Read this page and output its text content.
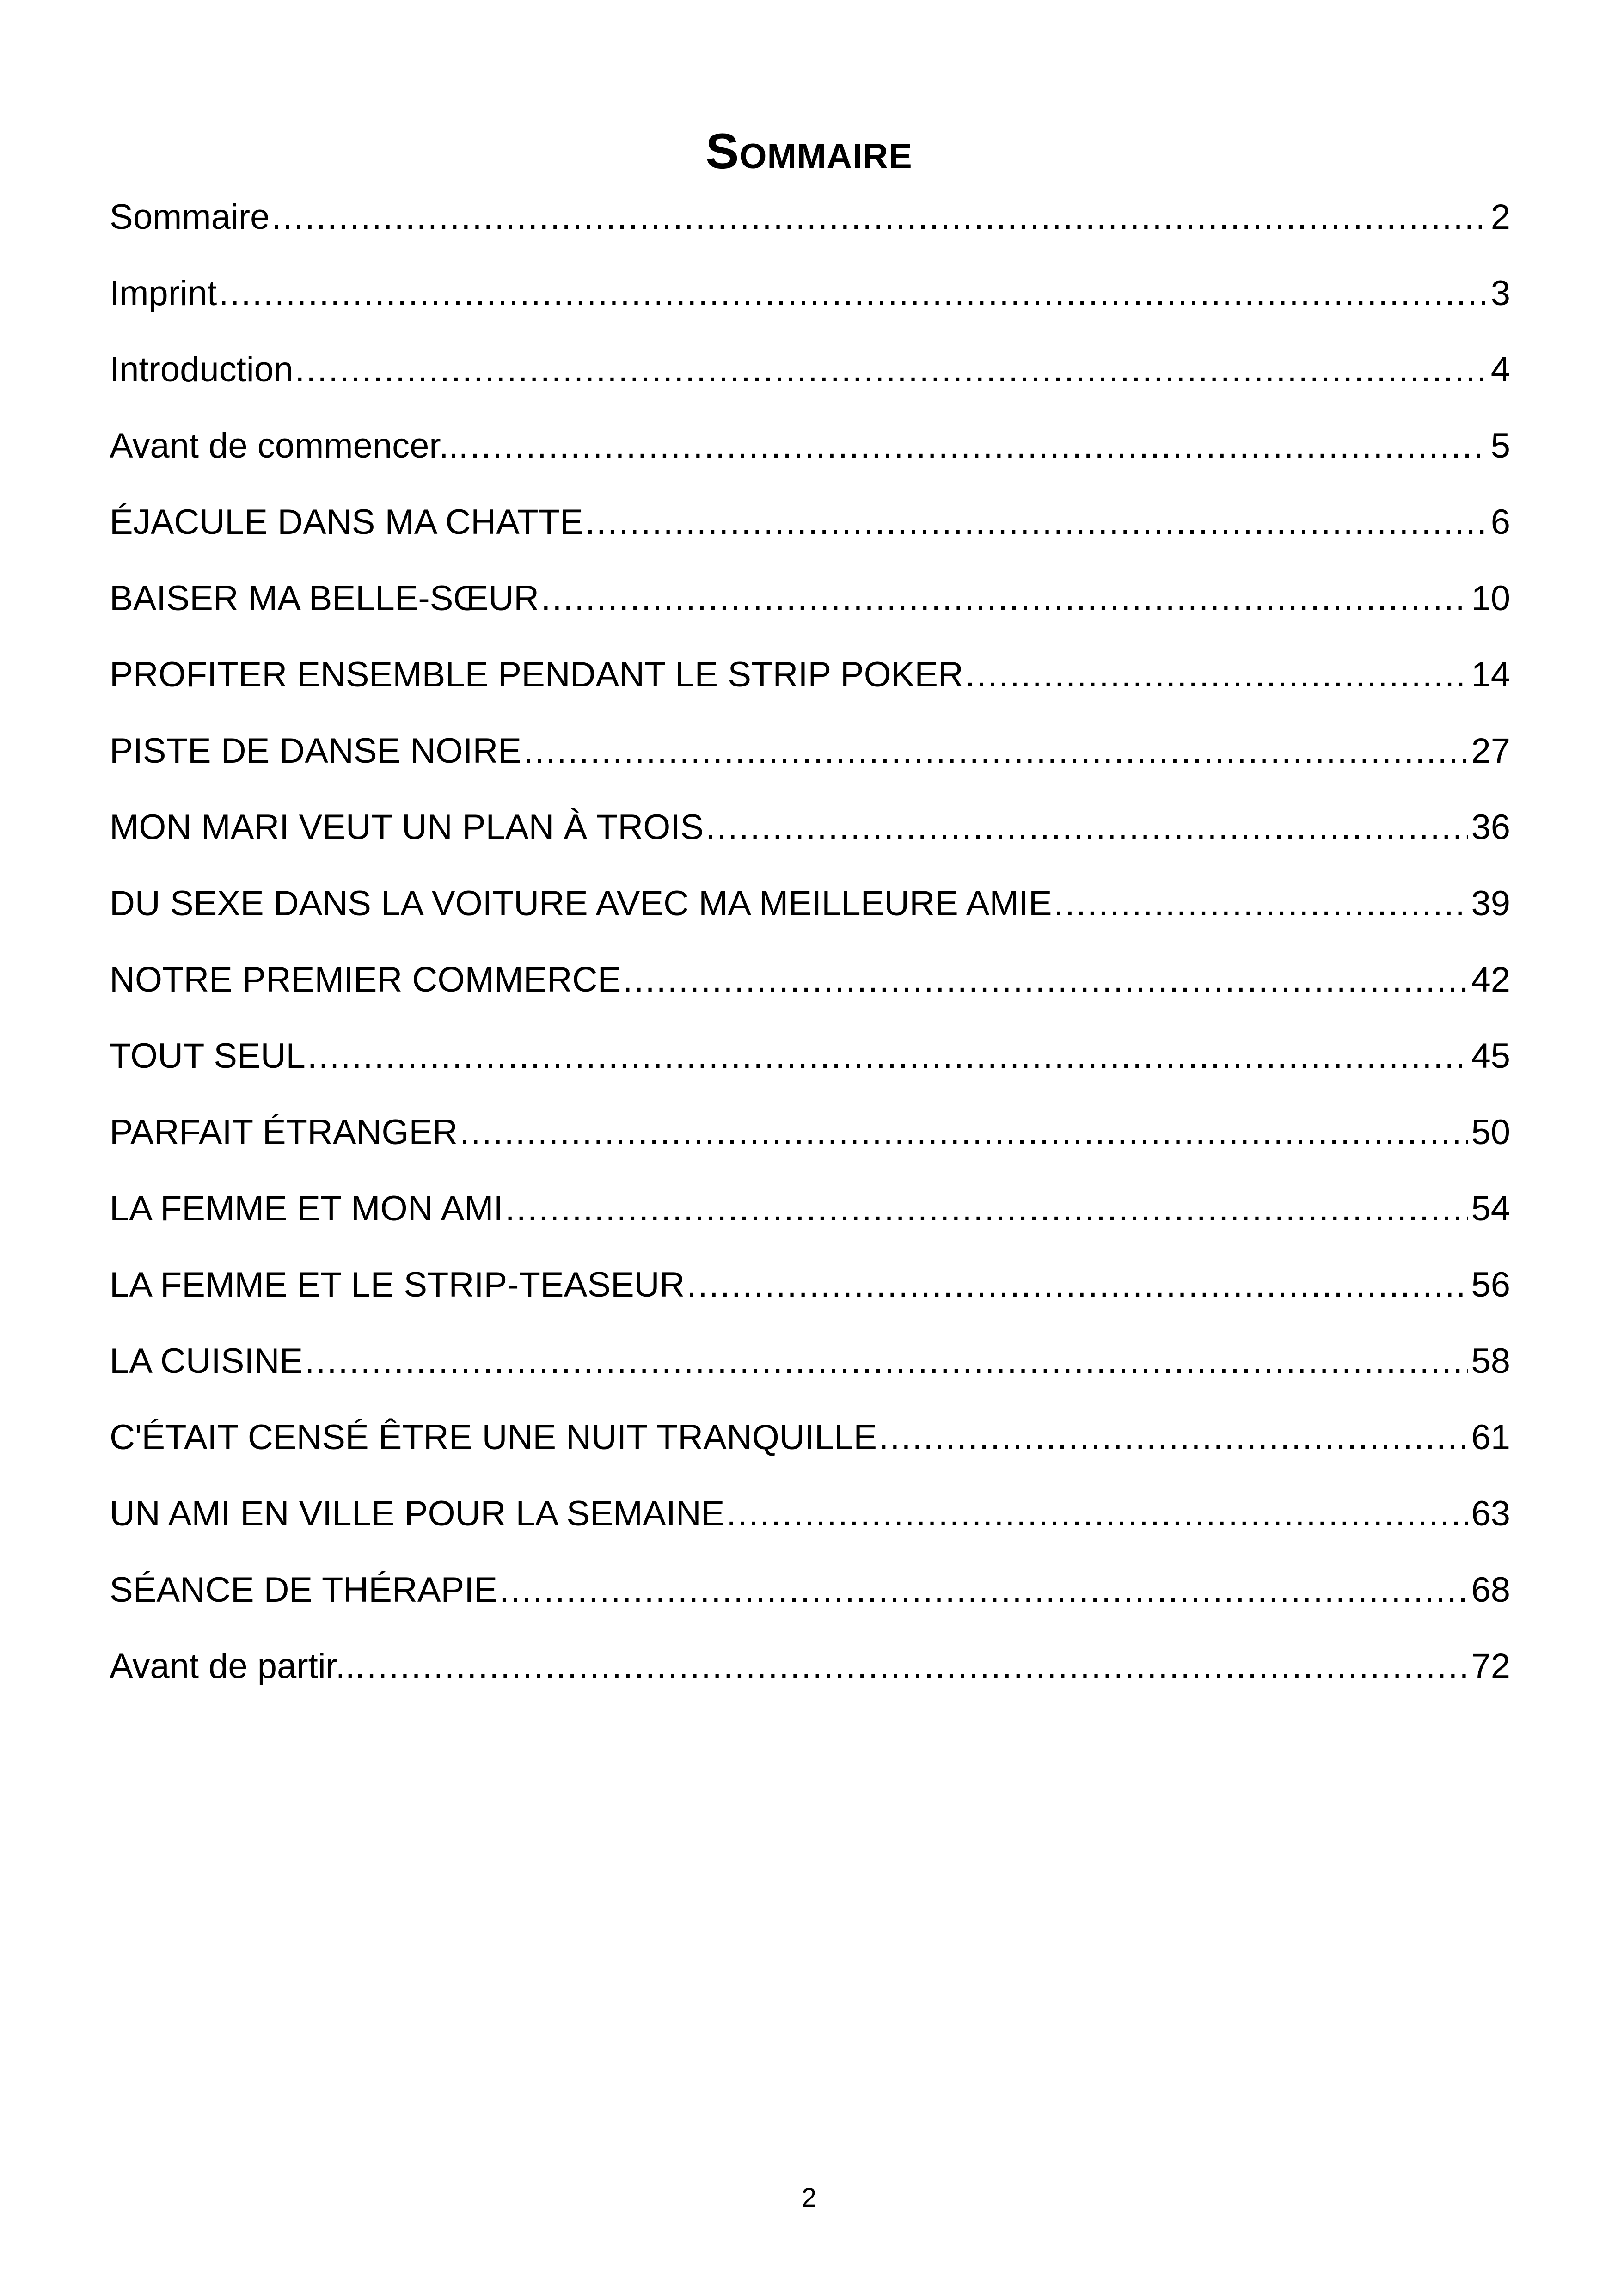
Sommaire
Sommaire .....	2
Imprint .....	3
Introduction .....	4
Avant de commencer... .....	5
ÉJACULE DANS MA CHATTE .....	6
BAISER MA BELLE-SŒUR .....	10
PROFITER ENSEMBLE PENDANT LE STRIP POKER .....	14
PISTE DE DANSE NOIRE .....	27
MON MARI VEUT UN PLAN À TROIS .....	36
DU SEXE DANS LA VOITURE AVEC MA MEILLEURE AMIE .....	39
NOTRE PREMIER COMMERCE .....	42
TOUT SEUL .....	45
PARFAIT ÉTRANGER .....	50
LA FEMME ET MON AMI .....	54
LA FEMME ET LE STRIP-TEASEUR .....	56
LA CUISINE .....	58
C'ÉTAIT CENSÉ ÊTRE UNE NUIT TRANQUILLE .....	61
UN AMI EN VILLE POUR LA SEMAINE .....	63
SÉANCE DE THÉRAPIE .....	68
Avant de partir... .....	72
2
